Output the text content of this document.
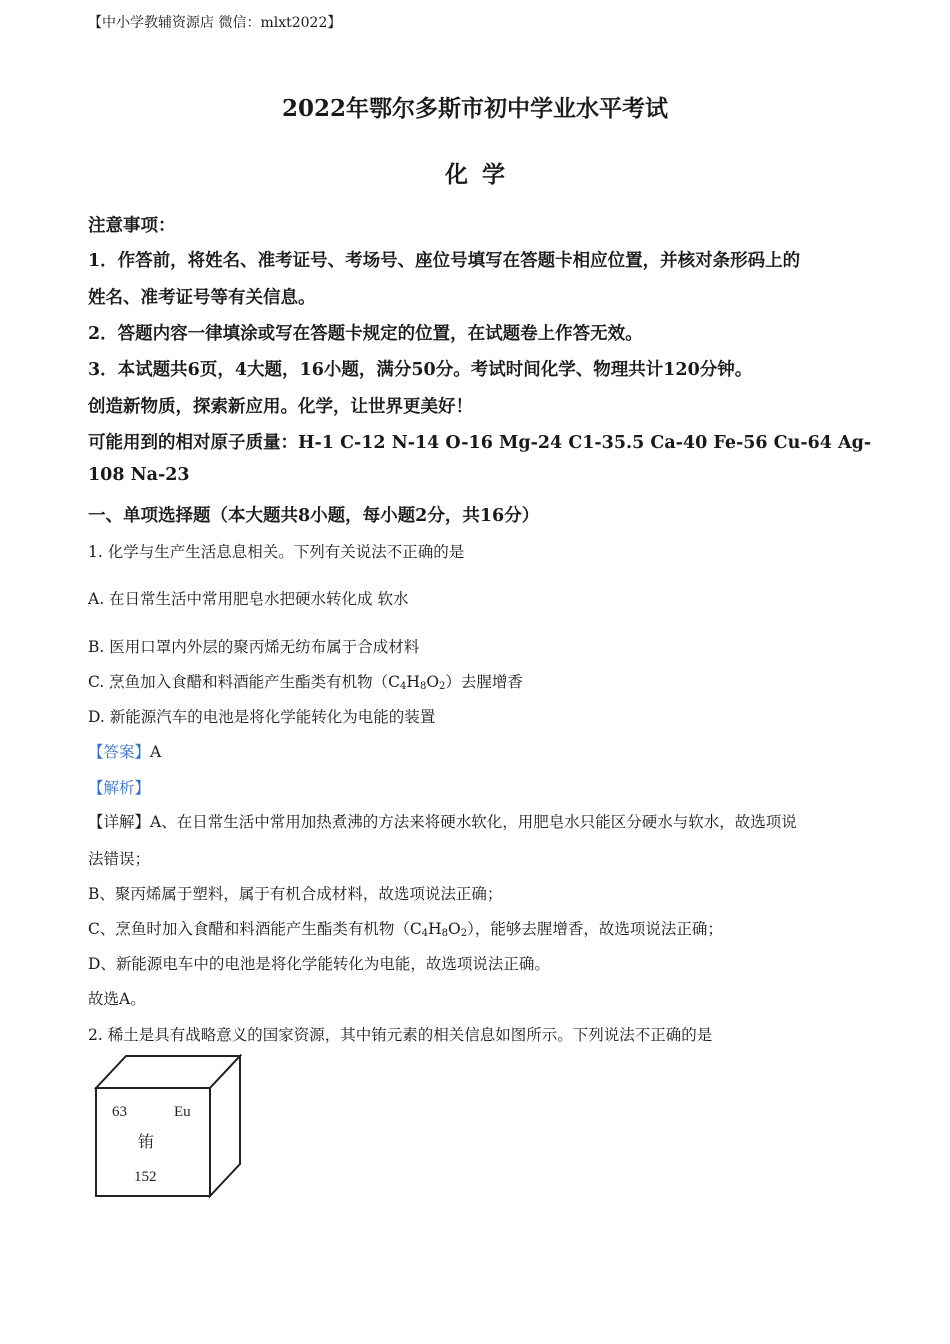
【中小学教辅资源店 微信：mlxt2022】
2022年鄂尔多斯市初中学业水平考试
化学
注意事项：
1．作答前，将姓名、准考证号、考场号、座位号填写在答题卡相应位置，并核对条形码上的
姓名、准考证号等有关信息。
2．答题内容一律填涂或写在答题卡规定的位置，在试题卷上作答无效。
3．本试题共6页，4大题，16小题，满分50分。考试时间化学、物理共计120分钟。
创造新物质，探索新应用。化学，让世界更美好！
可能用到的相对原子质量：H-1 C-12 N-14 O-16 Mg-24 C1-35.5 Ca-40 Fe-56 Cu-64 Ag-
108 Na-23
一、单项选择题（本大题共8小题，每小题2分，共16分）
1. 化学与生产生活息息相关。下列有关说法不正确的是
A. 在日常生活中常用肥皂水把硬水转化成 软水
B. 医用口罩内外层的聚丙烯无纺布属于合成材料
C. 烹鱼加入食醋和料酒能产生酯类有机物$(C_4H_8O_2)$去腥增香
D. 新能源汽车的电池是将化学能转化为电能的装置
【答案】A
【解析】
【详解】A、在日常生活中常用加热煮沸的方法来将硬水软化，用肥皂水只能区分硬水与软水，故选项说
法错误；
B、聚丙烯属于塑料，属于有机合成材料，故选项说法正确；
C、烹鱼时加入食醋和料酒能产生酯类有机物$(C_4H_8O_2)$，能够去腥增香，故选项说法正确；
D、新能源电车中的电池是将化学能转化为电能，故选项说法正确。
故选A。
2. 稀土是具有战略意义的国家资源，其中铕元素的相关信息如图所示。下列说法不正确的是
63	Eu
铕
152
